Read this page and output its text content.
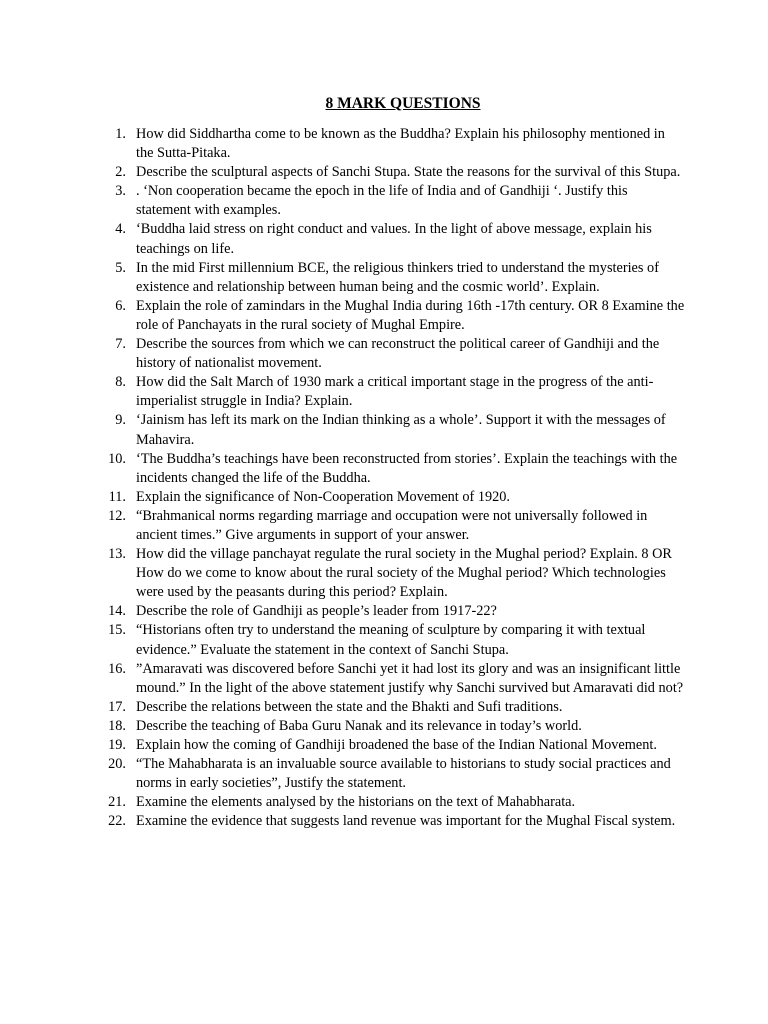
8 MARK QUESTIONS
1. How did Siddhartha come to be known as the Buddha? Explain his philosophy mentioned in the Sutta-Pitaka.
2. Describe the sculptural aspects of Sanchi Stupa. State the reasons for the survival of this Stupa.
3. . ‘Non cooperation became the epoch in the life of India and of Gandhiji ‘. Justify this statement with examples.
4. ‘Buddha laid stress on right conduct and values. In the light of above message, explain his teachings on life.
5. In the mid First millennium BCE, the religious thinkers tried to understand the mysteries of existence and relationship between human being and the cosmic world’. Explain.
6. Explain the role of zamindars in the Mughal India during 16th -17th century. OR 8 Examine the role of Panchayats in the rural society of Mughal Empire.
7. Describe the sources from which we can reconstruct the political career of Gandhiji and the history of nationalist movement.
8. How did the Salt March of 1930 mark a critical important stage in the progress of the anti-imperialist struggle in India? Explain.
9. ‘Jainism has left its mark on the Indian thinking as a whole’. Support it with the messages of Mahavira.
10. ‘The Buddha’s teachings have been reconstructed from stories’. Explain the teachings with the incidents changed the life of the Buddha.
11. Explain the significance of Non-Cooperation Movement of 1920.
12. “Brahmanical norms regarding marriage and occupation were not universally followed in ancient times.” Give arguments in support of your answer.
13. How did the village panchayat regulate the rural society in the Mughal period? Explain. 8 OR How do we come to know about the rural society of the Mughal period? Which technologies were used by the peasants during this period? Explain.
14. Describe the role of Gandhiji as people’s leader from 1917-22?
15. “Historians often try to understand the meaning of sculpture by comparing it with textual evidence.” Evaluate the statement in the context of Sanchi Stupa.
16. ”Amaravati was discovered before Sanchi yet it had lost its glory and was an insignificant little mound.” In the light of the above statement justify why Sanchi survived but Amaravati did not?
17. Describe the relations between the state and the Bhakti and Sufi traditions.
18. Describe the teaching of Baba Guru Nanak and its relevance in today’s world.
19. Explain how the coming of Gandhiji broadened the base of the Indian National Movement.
20. “The Mahabharata is an invaluable source available to historians to study social practices and norms in early societies”, Justify the statement.
21. Examine the elements analysed by the historians on the text of Mahabharata.
22. Examine the evidence that suggests land revenue was important for the Mughal Fiscal system.
